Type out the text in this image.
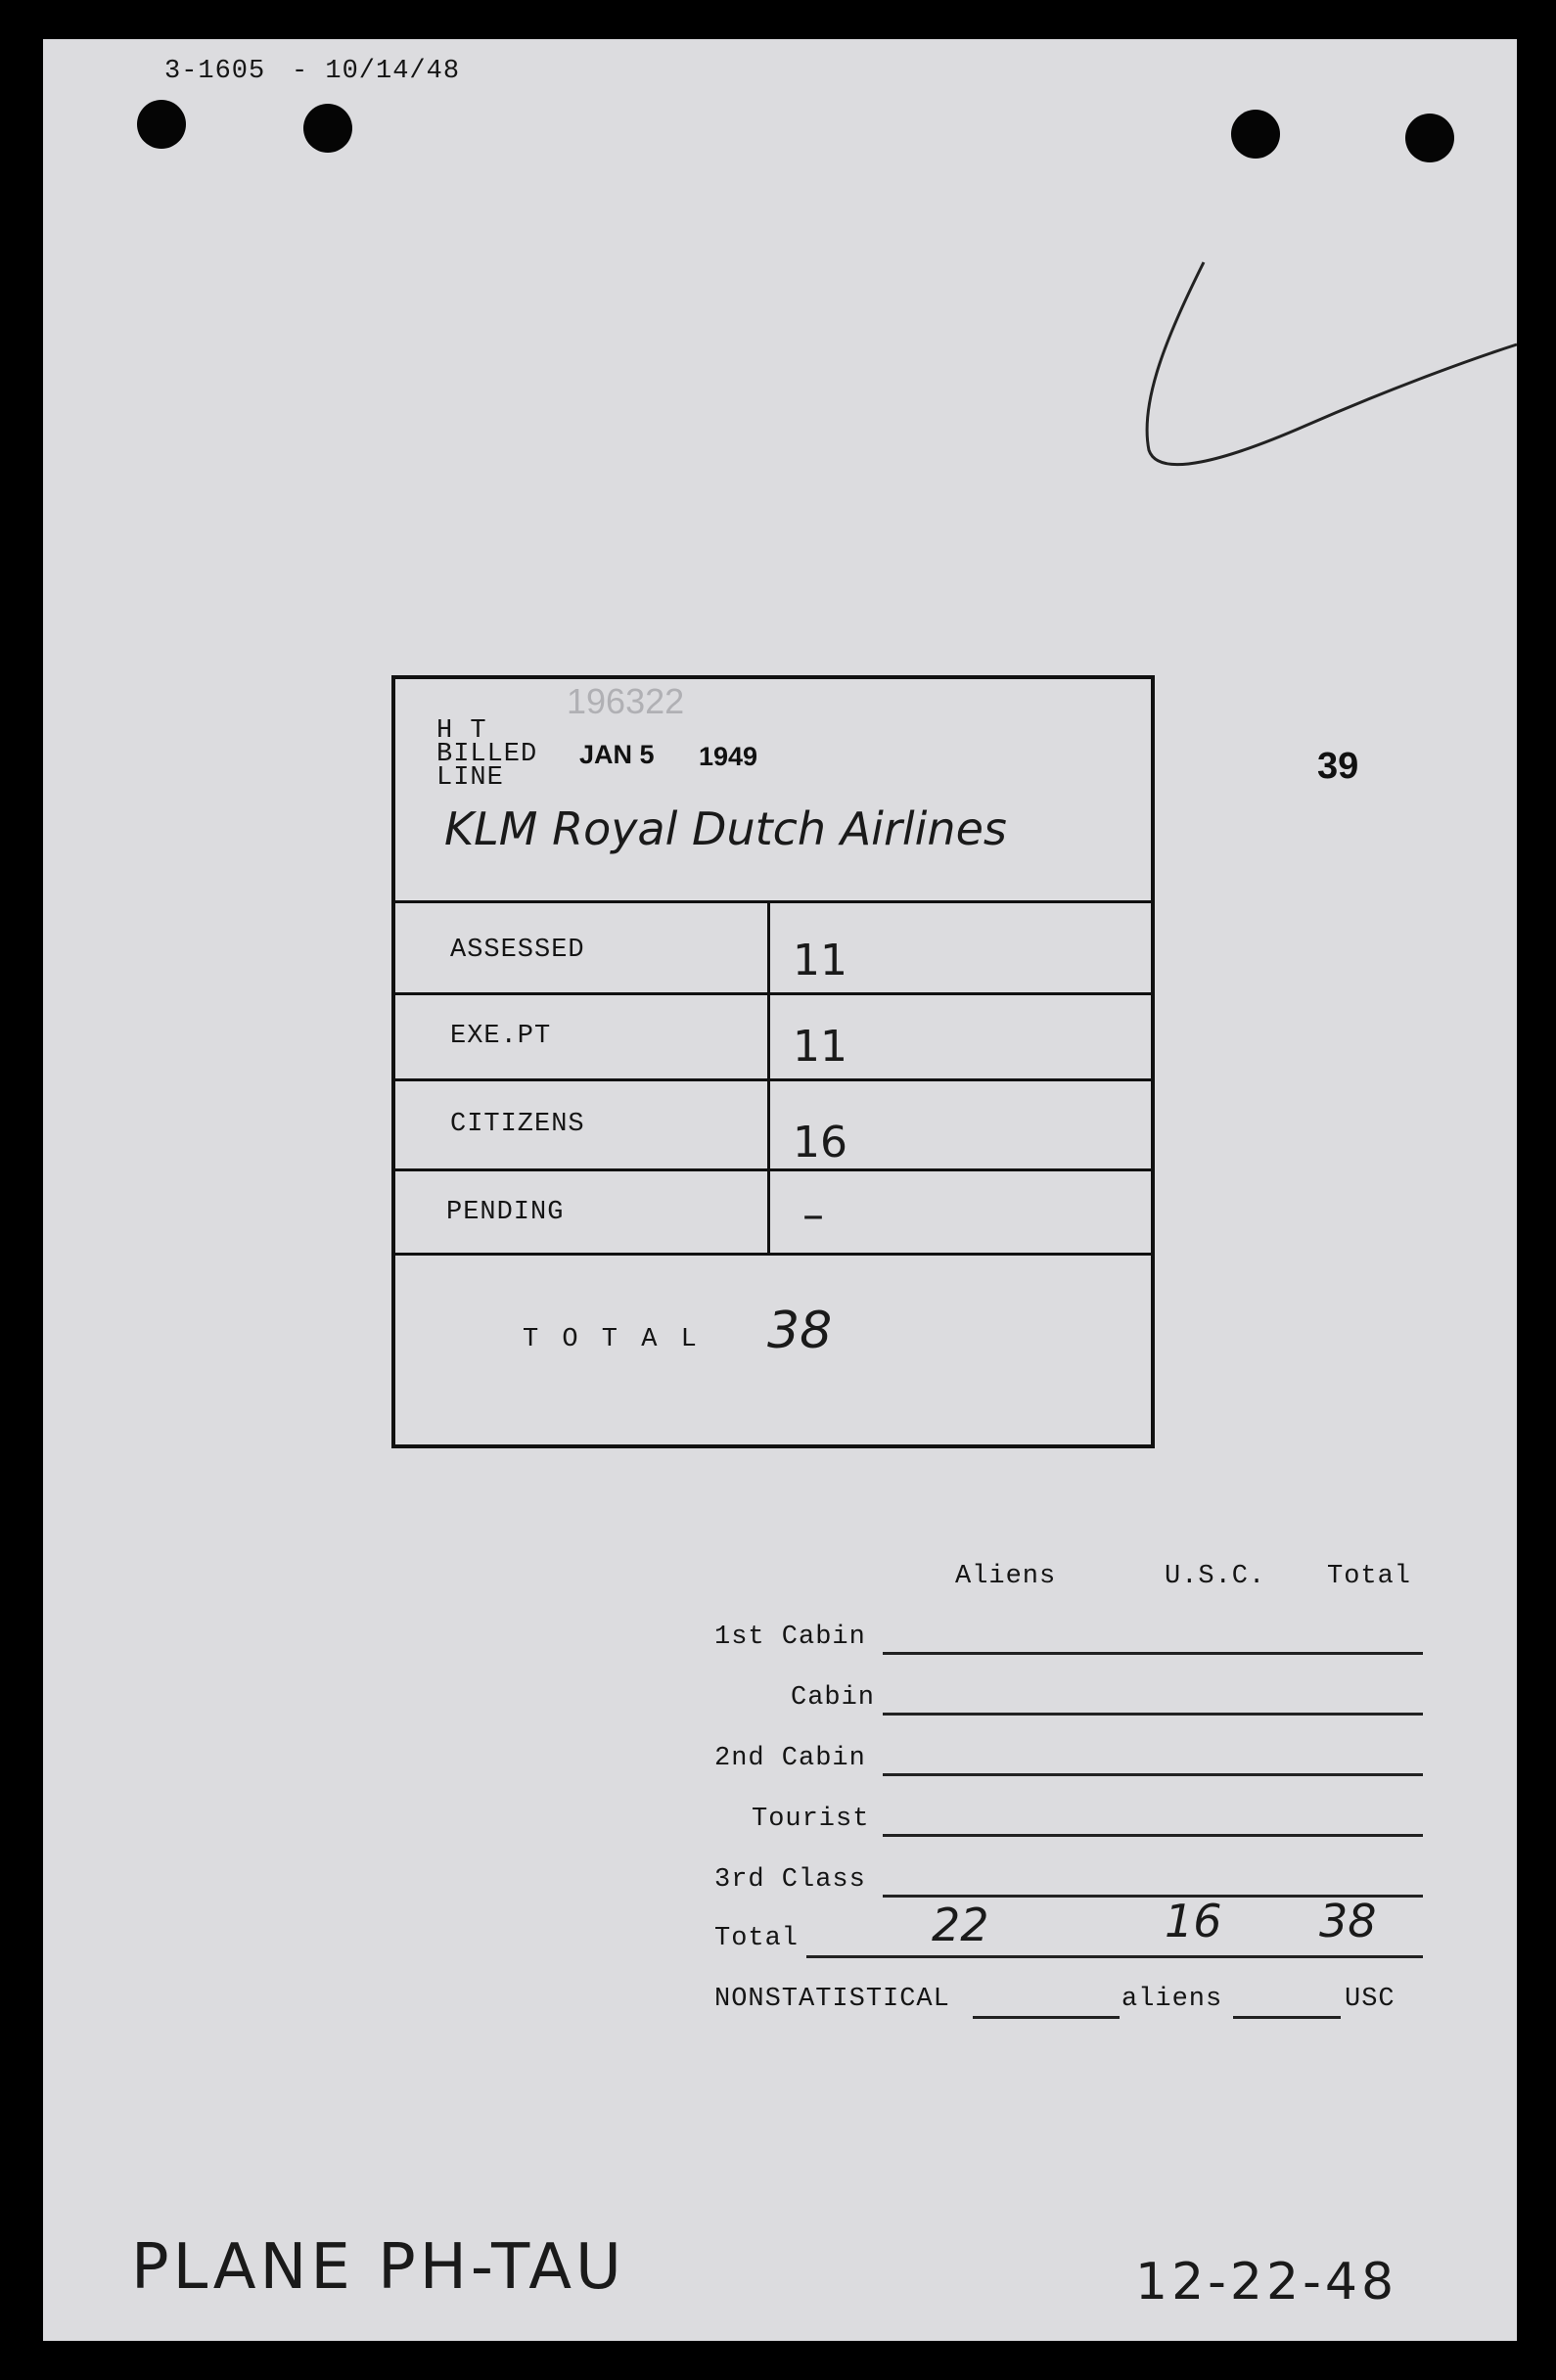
3-1605 - 10/14/48
196322
H T
BILLED JAN 5 1949
LINE
KLM Royal Dutch Airlines
ASSESSED	11
EXE.PT	11
CITIZENS	16
PENDING	–
T O T A L 38
39
Aliens	U.S.C. Total
1st Cabin
Cabin
2nd Cabin
Tourist
3rd Class
Total	22	16 38
NONSTATISTICAL	aliens	USC
PLANE PH-TAU	12-22-48
